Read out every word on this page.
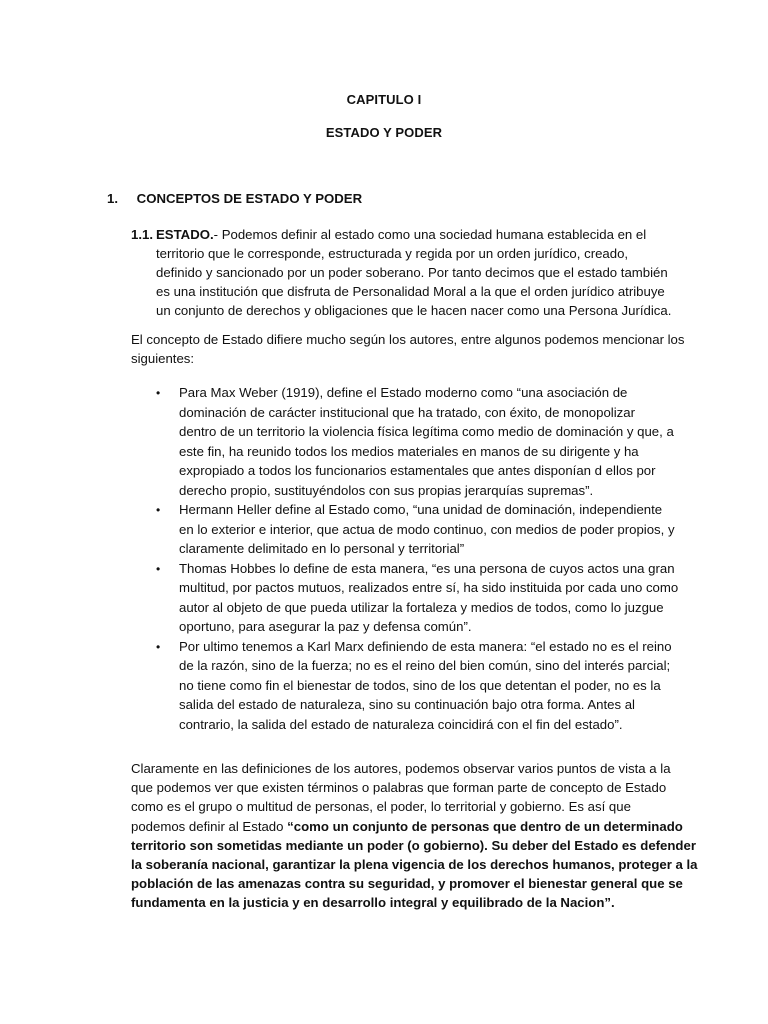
CAPITULO I
ESTADO Y PODER
1. CONCEPTOS DE ESTADO Y PODER
1.1. ESTADO.- Podemos definir al estado como una sociedad humana establecida en el
territorio que le corresponde, estructurada y regida por un orden jurídico, creado,
definido y sancionado por un poder soberano. Por tanto decimos que el estado también
es una institución que disfruta de Personalidad Moral a la que el orden jurídico atribuye
un conjunto de derechos y obligaciones que le hacen nacer como una Persona Jurídica.
El concepto de Estado difiere mucho según los autores, entre algunos podemos mencionar los
siguientes:
• Para Max Weber (1919), define el Estado moderno como “una asociación de
dominación de carácter institucional que ha tratado, con éxito, de monopolizar
dentro de un territorio la violencia física legítima como medio de dominación y que, a
este fin, ha reunido todos los medios materiales en manos de su dirigente y ha
expropiado a todos los funcionarios estamentales que antes disponían d ellos por
derecho propio, sustituyéndolos con sus propias jerarquías supremas”.
• Hermann Heller define al Estado como, “una unidad de dominación, independiente
en lo exterior e interior, que actua de modo continuo, con medios de poder propios, y
claramente delimitado en lo personal y territorial”
• Thomas Hobbes lo define de esta manera, “es una persona de cuyos actos una gran
multitud, por pactos mutuos, realizados entre sí, ha sido instituida por cada uno como
autor al objeto de que pueda utilizar la fortaleza y medios de todos, como lo juzgue
oportuno, para asegurar la paz y defensa común”.
• Por ultimo tenemos a Karl Marx definiendo de esta manera: “el estado no es el reino
de la razón, sino de la fuerza; no es el reino del bien común, sino del interés parcial;
no tiene como fin el bienestar de todos, sino de los que detentan el poder, no es la
salida del estado de naturaleza, sino su continuación bajo otra forma. Antes al
contrario, la salida del estado de naturaleza coincidirá con el fin del estado”.
Claramente en las definiciones de los autores, podemos observar varios puntos de vista a la
que podemos ver que existen términos o palabras que forman parte de concepto de Estado
como es el grupo o multitud de personas, el poder, lo territorial y gobierno. Es así que
podemos definir al Estado “como un conjunto de personas que dentro de un determinado
territorio son sometidas mediante un poder (o gobierno). Su deber del Estado es defender
la soberanía nacional, garantizar la plena vigencia de los derechos humanos, proteger a la
población de las amenazas contra su seguridad, y promover el bienestar general que se
fundamenta en la justicia y en desarrollo integral y equilibrado de la Nacion”.
